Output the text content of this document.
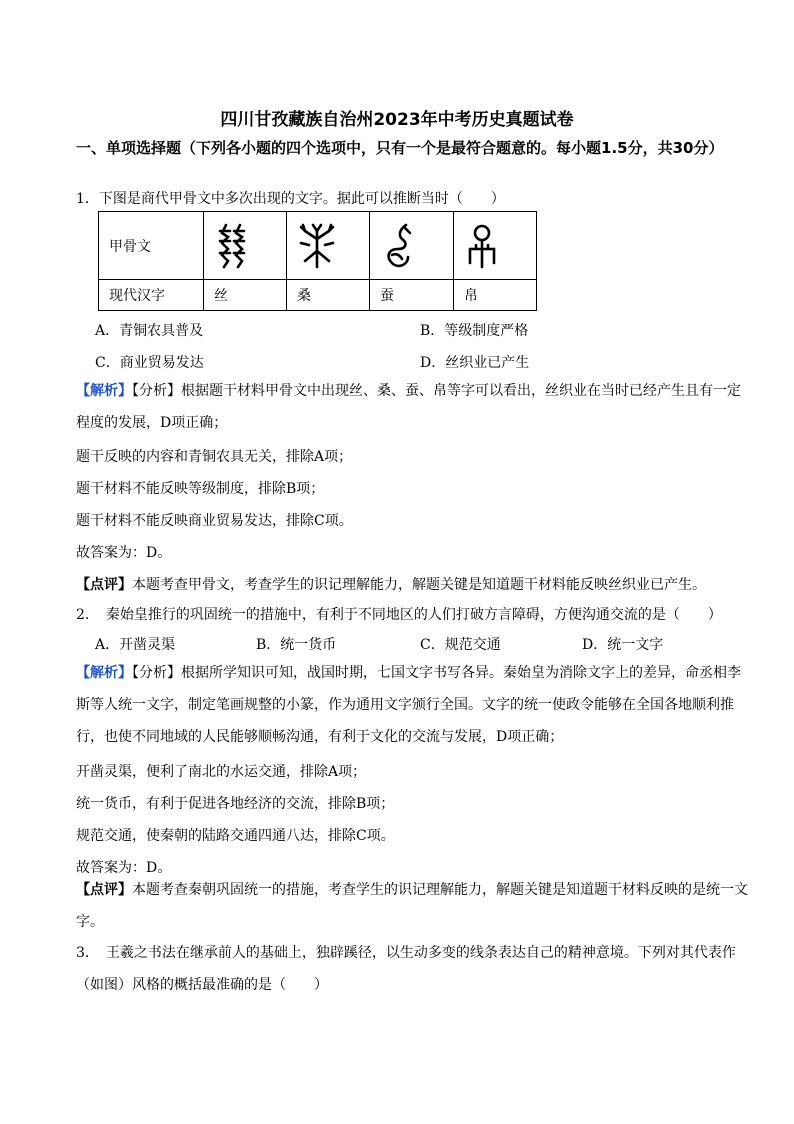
四川甘孜藏族自治州2023年中考历史真题试卷
一、单项选择题（下列各小题的四个选项中，只有一个是最符合题意的。每小题1.5分，共30分）
1．下图是商代甲骨文中多次出现的文字。据此可以推断当时（　　）
甲骨文	

现代汉字	丝	桑	蚕	帛
A．青铜农具普及	B．等级制度严格
C．商业贸易发达	D．丝织业已产生
【解析】【分析】根据题干材料甲骨文中出现丝、桑、蚕、帛等字可以看出，丝织业在当时已经产生且有一定程度的发展，D项正确；
题干反映的内容和青铜农具无关，排除A项；
题干材料不能反映等级制度，排除B项；
题干材料不能反映商业贸易发达，排除C项。
故答案为：D。
【点评】本题考查甲骨文，考查学生的识记理解能力，解题关键是知道题干材料能反映丝织业已产生。
2．　秦始皇推行的巩固统一的措施中，有利于不同地区的人们打破方言障碍，方便沟通交流的是（　　）
A．开凿灵渠	B．统一货币	C．规范交通	D．统一文字
【解析】【分析】根据所学知识可知，战国时期，七国文字书写各异。秦始皇为消除文字上的差异，命丞相李斯等人统一文字，制定笔画规整的小篆，作为通用文字颁行全国。文字的统一使政令能够在全国各地顺利推行，也使不同地域的人民能够顺畅沟通，有利于文化的交流与发展，D项正确；
开凿灵渠，便利了南北的水运交通，排除A项；
统一货币，有利于促进各地经济的交流，排除B项；
规范交通，使秦朝的陆路交通四通八达，排除C项。
故答案为：D。
【点评】本题考查秦朝巩固统一的措施，考查学生的识记理解能力，解题关键是知道题干材料反映的是统一文字。
3．　王羲之书法在继承前人的基础上，独辟蹊径，以生动多变的线条表达自己的精神意境。下列对其代表作（如图）风格的概括最准确的是（　　）
